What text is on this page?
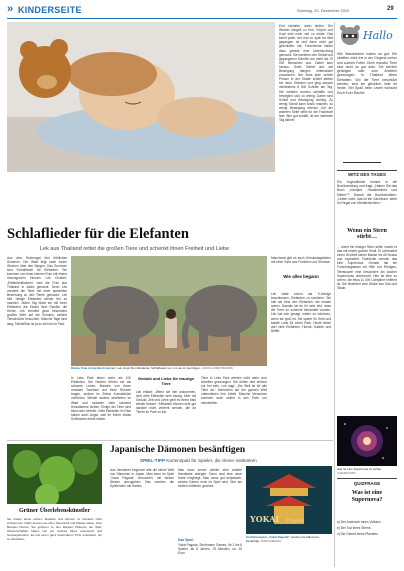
» KINDERSEITE	Sonntag, 20. Dezember 2020	29
Erst schlafen, dann laufen. Der Wecker klingelt zu früh. Körper und Kopf sind noch viel zu müde. Das kennt jeder, der mal zu spät ins Bett gegangen ist und dann nicht gut geschlafen hat. Forschende haben dazu gerade eine Untersuchung gemacht. Sie werteten den Schlaf und gegangenen Schritte von mehr als 70 000 Menschen aus. Dabei kam heraus: Guter Schlaf und viel Bewegung hängen miteinander zusammen. Nur etwa jede zehnte Person in der Studie schlief sieben bis neun Stunden und ging danach mindestens 8 000 Schritte am Tag. Die meisten wurden schlafen und bewegten sich zu wenig. Daher sind Schlaf und Bewegung wichtig. Zu wenig Schlaf kann krank machen, zu wenig Bewegung ebenso. Auf der anderen Seite steht für die Fachleute fest: Wer gut schläft, ist am nächsten Tag aktiver.
Hallo
Wie Waschbären haben es gut: Wir streiften nicht frei in der Gegend umher und suchen Futter. Doch manche Tiere sind nicht so gut dran. Sie werden gefangen oder zum Arbeiten gezwungen. In Thailand leben Elefanten. Wo die Tiere beschützt werden, sind sie glücklich, liest ihr heute. Viel Spaß beim Lesen wünscht Euch Euer Rachel
WITZ DES TAGES
Ein Jugendlicher kommt in die Buchhandlung und fragt: „Haben Sie das Buch „Vampire. Hausbesitzer und Mieter“?“ Darauf die Buchhändlerin: „Leider nicht, das ist ein Sachbuch, steht im Regal von Mörderbüchern.“
Schlaflieder für die Elefanten
Lek aus Thailand rettet die großen Tiere und schenkt ihnen Freiheit und Liebe
Aus dem Dschungel tönt fröhliches Summen. Der Wald liegt nach vielen Wochen über den Bergen. Das Summen sind Schlaflieder für Elefanten. Sie kommen von einer kleinen Frau mit einem riesengroßen Herzen: Lek Chailert. „Elefantenflüsterin“ wird die Frau aus Thailand in Asien genannt. Denn Lek versteht die Tiere mit einer speziellen Beziehung zu den Tieren gemacht. Lek hilft, riesige Elefanten wieder frei zu machen. Jeden Tag blickt sie mit ihren Elefanten, die Kinder ihrer Familie, die Herde. Lek versteht ganz besonders großen Wert auf die Schulen, welche Tierschützer besuchen. Manche Tage sind lang. Schließlich ist ja so viel los im Park.
Kleine Frau mit großem Herzen: Lek singt ihren Elefanten Schlaflieder vor, um sie zu beruhigen. CAROLA FRENTZEN/DPA
In Leks Park leben mehr als 100 Elefanten. Die Namen führen sie als schwere Leben. Manche von ihnen mussten Touristen auf ihren Rücken tragen, andere im Zirkus Kunststücke vorführen. Wieder andere arbeiteten im Wald und mussten viele schwere Holzstämme ziehen. Einige der Tiere sind blind oder verletzt. Viele Elefanten im Park haben auch Angst, weil ihr früher etwas Schlimmes erlebt haben.
Geduld und Liebe für traurige Tiere
Lek erklärt: „Wenn sie hier ankommen, sind viele Elefanten sehr traurig. Aber mit Geduld, Zeit und Liebe geht es ihnen bald wieder besser.“ Elefanten können sehr gut darüber nicht verlernt werden, die an Tieren im Park zu tun.
Tiere in Leks Park werden nicht mehr zum Arbeiten gezwungen. Sie dürfen dort einfach nur frei sein. Lek sagt: „Die Welt ist für alle Tiere da.“ Menschen auf der ganzen Welt unterstützen ihre Arbeit. Manche Menschen kommen auch selbst in den Park, um mitzuhelfen.
Manchmal gibt es auch Geburtstagsfeiern mit einer Torte aus Früchten und Gemüse.
Wie alles begann
Lek hatte schon als 9-Jährige beschlossen, Elefanten zu schützen. Sie half als Kind den Elefanten, die kranke waren. Damals tat es ihr sehr leid, dass die Tiere so schlecht behandelt wurden. Lek hat sich gesagt, weiter zu schützen, wenn sie groß ist. Sie sparte ihr Geld und kaufte Land für einen Park. Heute leben dort viele Elefanten, Hunde, Katzen und Büffel.
Wenn ein Stern stirbt…
… wenn ein riesiger Stern stirbt, macht er das mit einem großen Knall. Er schleudert einen Großteil seiner Masse ins All hinaus und explodiert. Fachleute nennen das eine Supernova. Gerade hat ein Forschungsteam mit Hilfe von Röntgen-Teleskopen eine besondere Art solcher Supernovas untersucht. Hier ist eine zu sehen, die etwa 11 000 Lichtjahre entfernt ist. Sie hinterließ eine Wolke aus Gas und Staub.
Hier ist eine Supernova zu sehen. CHANDRA/DPA
QUIZFRAGE
Was ist eine Supernova?
a) Der Ausbruch eines Vulkans
b) Der Tod eines Sterns
c) Die Geburt eines Planeten
Grüner Überlebenskünstler
Sie haben keine echten Muskeln und können im Dunkeln nicht schwimmen. Dafür können sie ohne Sauerstoff und Wasser leben. Zum Beispiel Moose. Sie gehören zu den ältesten Pflanzen der Welt. Wissenschaftler haben nun ein solches Moos untersucht und herausgefunden: Es hat einen ganz besonderen Trick entwickelt, um zu überleben.
Japanische Dämonen besänftigen
SPIEL-TIPP Kartenspaß für Spieler, die clever mitdenken
Aus Verweben beginnen alte die kleine Welt von Dämonen in Japan. Man kann im Spiel „Yokai Pagoda“ versuchen, mit diesen Wesen umzugehen. Das machen die Spielenden mit Karten.
Man kann immer wieder eine andere Handkarte ablegen. Dann wird eine neue Karte hingelegt. Man muss gut aufpassen, welche Karten noch im Spiel sind. Wer am besten mitdenkt, gewinnt.
Das Spiel
Yokai Pagoda, Strohmann Games, für 1 bis 6 Spieler, ab 8 Jahren, 15 Minuten, ca. 15 Euro.
YOKAI Pagoda
Im Kartenspiel „Yokai Pagoda“ werden die Dämonen besänftigt. PUBLISHER/DPA
